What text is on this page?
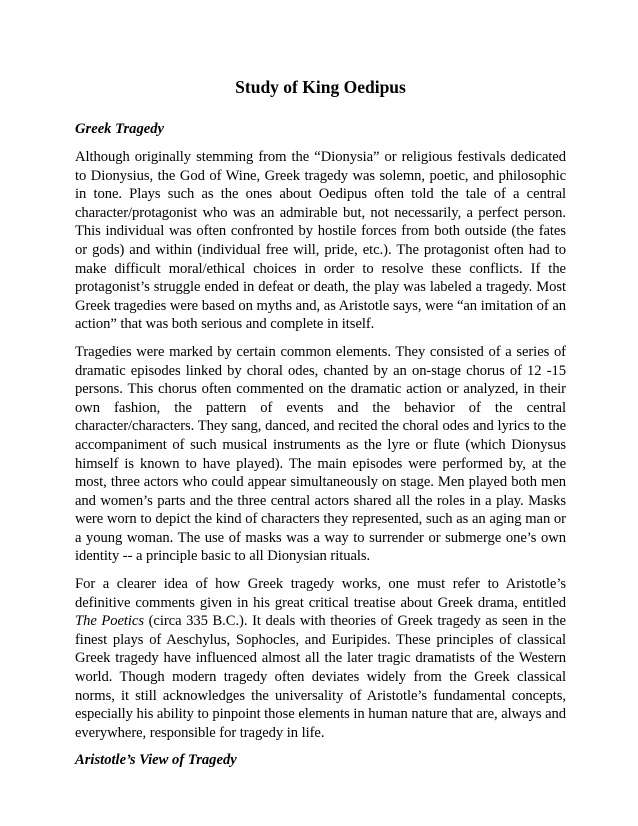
Study of King Oedipus
Greek Tragedy

Although originally stemming from the “Dionysia” or religious festivals dedicated to Dionysius, the God of Wine, Greek tragedy was solemn, poetic, and philosophic in tone. Plays such as the ones about Oedipus often told the tale of a central character/protagonist who was an admirable but, not necessarily, a perfect person. This individual was often confronted by hostile forces from both outside (the fates or gods) and within (individual free will, pride, etc.). The protagonist often had to make difficult moral/ethical choices in order to resolve these conflicts. If the protagonist’s struggle ended in defeat or death, the play was labeled a tragedy. Most Greek tragedies were based on myths and, as Aristotle says, were “an imitation of an action” that was both serious and complete in itself.

Tragedies were marked by certain common elements. They consisted of a series of dramatic episodes linked by choral odes, chanted by an on-stage chorus of 12 -15 persons. This chorus often commented on the dramatic action or analyzed, in their own fashion, the pattern of events and the behavior of the central character/characters. They sang, danced, and recited the choral odes and lyrics to the accompaniment of such musical instruments as the lyre or flute (which Dionysus himself is known to have played). The main episodes were performed by, at the most, three actors who could appear simultaneously on stage. Men played both men and women’s parts and the three central actors shared all the roles in a play. Masks were worn to depict the kind of characters they represented, such as an aging man or a young woman. The use of masks was a way to surrender or submerge one’s own identity -- a principle basic to all Dionysian rituals.

For a clearer idea of how Greek tragedy works, one must refer to Aristotle’s definitive comments given in his great critical treatise about Greek drama, entitled The Poetics (circa 335 B.C.). It deals with theories of Greek tragedy as seen in the finest plays of Aeschylus, Sophocles, and Euripides. These principles of classical Greek tragedy have influenced almost all the later tragic dramatists of the Western world. Though modern tragedy often deviates widely from the Greek classical norms, it still acknowledges the universality of Aristotle’s fundamental concepts, especially his ability to pinpoint those elements in human nature that are, always and everywhere, responsible for tragedy in life.

Aristotle’s View of Tragedy
